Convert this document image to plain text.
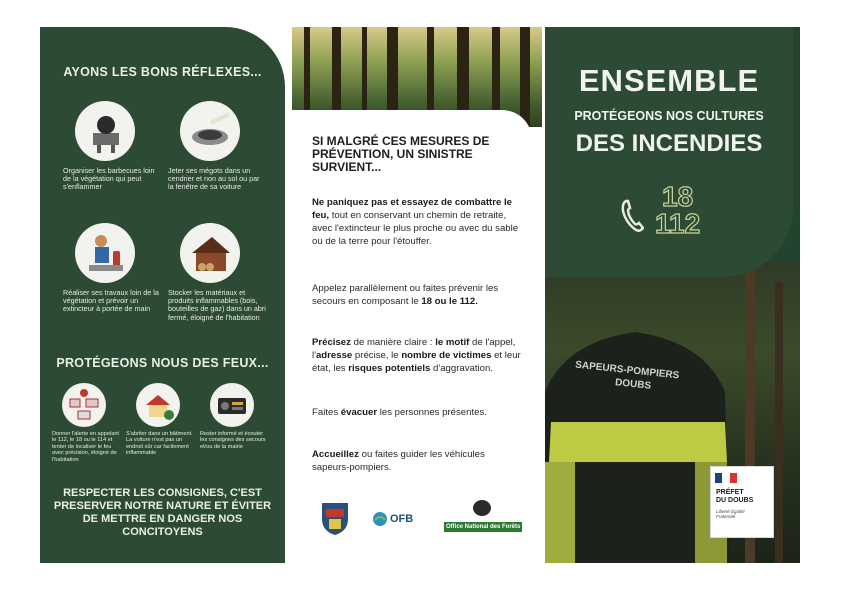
AYONS LES BONS RÉFLEXES...
Organiser les barbecues loin de la végétation qui peut s'enflammer
Jeter ses mégots dans un cendrier et non au sol ou par la fenêtre de sa voiture
Réaliser ses travaux loin de la végétation et prévoir un extincteur à portée de main
Stocker les matériaux et produits inflammables (bois, bouteilles de gaz) dans un abri fermé, éloigné de l'habitation
PROTÉGEONS NOUS DES FEUX...
Donner l'alerte en appelant le 112, le 18 ou le 114 et tenter de localiser le feu avec précision, éloigné de l'habitation
S'abriter dans un bâtiment. La voiture n'est pas un endroit sûr car facilement inflammable
Rester informé et écouter les consignes des secours et/ou de la mairie
RESPECTER LES CONSIGNES, C'EST PRESERVER NOTRE NATURE ET ÉVITER DE METTRE EN DANGER NOS CONCITOYENS
SI MALGRÉ CES MESURES DE PRÉVENTION, UN SINISTRE SURVIENT...
Ne paniquez pas et essayez de combattre le feu, tout en conservant un chemin de retraite, avec l'extincteur le plus proche ou avec du sable ou de la terre pour l'étouffer.
Appelez parallèlement ou faites prévenir les secours en composant le 18 ou le 112.
Précisez de manière claire : le motif de l'appel, l'adresse précise, le nombre de victimes et leur état, les risques potentiels d'aggravation.
Faites évacuer les personnes présentes.
Accueillez ou faites guider les véhicules sapeurs-pompiers.
OFB
Office National des Forêts
SAPEURS-POMPIERS
DOUBS
ENSEMBLE
PROTÉGEONS NOS CULTURES
DES INCENDIES
18
112
PRÉFET
DU DOUBS
Liberté Égalité Fraternité
